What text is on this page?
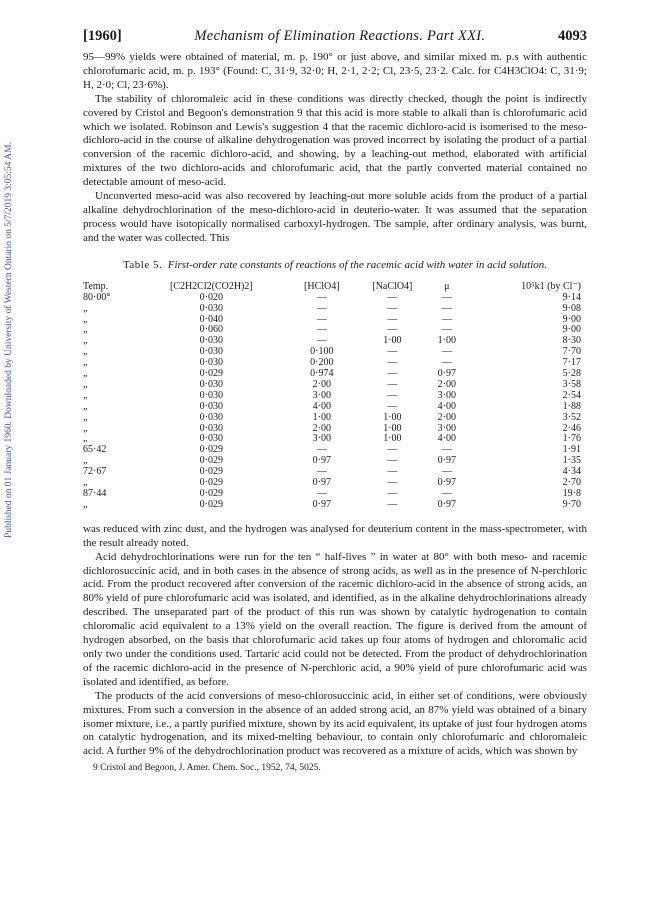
Published on 01 January 1960. Downloaded by University of Western Ontario on 5/7/2019 3:05:54 AM.
[1960]	Mechanism of Elimination Reactions. Part XXI.	4093

95—99% yields were obtained of material, m. p. 190° or just above, and similar mixed m. p.s with authentic chlorofumaric acid, m. p. 193° (Found: C, 31·9, 32·0; H, 2·1, 2·2; Cl, 23·5, 23·2. Calc. for C4H3ClO4: C, 31·9; H, 2·0; Cl, 23·6%).

The stability of chloromaleic acid in these conditions was directly checked, though the point is indirectly covered by Cristol and Begoon's demonstration 9 that this acid is more stable to alkali than is chlorofumaric acid which we isolated. Robinson and Lewis's suggestion 4 that the racemic dichloro-acid is isomerised to the meso-dichloro-acid in the course of alkaline dehydrogenation was proved incorrect by isolating the product of a partial conversion of the racemic dichloro-acid, and showing, by a leaching-out method, elaborated with artificial mixtures of the two dichloro-acids and chlorofumaric acid, that the partly converted material contained no detectable amount of meso-acid.

Unconverted meso-acid was also recovered by leaching-out more soluble acids from the product of a partial alkaline dehydrochlorination of the meso-dichloro-acid in deuterio-water. It was assumed that the separation process would have isotopically normalised carboxyl-hydrogen. The sample, after ordinary analysis, was burnt, and the water was collected. This

Table 5. First-order rate constants of reactions of the racemic acid with water in acid solution.
Temp.	[C2H2Cl2(CO2H)2]	[HClO4]	[NaClO4]	μ	10⁵k1 (by Cl⁻)
80·00°	0·020	—	—	—	9·14
„	0·030	—	—	—	9·08
„	0·040	—	—	—	9·00
„	0·060	—	—	—	9·00
„	0·030	—	1·00	1·00	8·30
„	0·030	0·100	—	—	7·70
„	0·030	0·200	—	—	7·17
„	0·029	0·974	—	0·97	5·28
„	0·030	2·00	—	2·00	3·58
„	0·030	3·00	—	3·00	2·54
„	0·030	4·00	—	4·00	1·88
„	0·030	1·00	1·00	2·00	3·52
„	0·030	2·00	1·00	3·00	2·46
„	0·030	3·00	1·00	4·00	1·76
65·42	0·029	—	—	—	1·91
„	0·029	0·97	—	0·97	1·35
72·67	0·029	—	—	—	4·34
„	0·029	0·97	—	0·97	2·70
87·44	0·029	—	—	—	19·8
„	0·029	0·97	—	0·97	9·70

was reduced with zinc dust, and the hydrogen was analysed for deuterium content in the mass-spectrometer, with the result already noted.

Acid dehydrochlorinations were run for the ten “ half-lives ” in water at 80° with both meso- and racemic dichlorosuccinic acid, and in both cases in the absence of strong acids, as well as in the presence of N-perchloric acid. From the product recovered after conversion of the racemic dichloro-acid in the absence of strong acids, an 80% yield of pure chlorofumaric acid was isolated, and identified, as in the alkaline dehydrochlorinations already described. The unseparated part of the product of this run was shown by catalytic hydrogenation to contain chloromalic acid equivalent to a 13% yield on the overall reaction. The figure is derived from the amount of hydrogen absorbed, on the basis that chlorofumaric acid takes up four atoms of hydrogen and chloromalic acid only two under the conditions used. Tartaric acid could not be detected. From the product of dehydrochlorination of the racemic dichloro-acid in the presence of N-perchloric acid, a 90% yield of pure chlorofumaric acid was isolated and identified, as before.

The products of the acid conversions of meso-chlorosuccinic acid, in either set of conditions, were obviously mixtures. From such a conversion in the absence of an added strong acid, an 87% yield was obtained of a binary isomer mixture, i.e., a partly purified mixture, shown by its acid equivalent, its uptake of just four hydrogen atoms on catalytic hydrogenation, and its mixed-melting behaviour, to contain only chlorofumaric and chloromaleic acid. A further 9% of the dehydrochlorination product was recovered as a mixture of acids, which was shown by

9 Cristol and Begoon, J. Amer. Chem. Soc., 1952, 74, 5025.
